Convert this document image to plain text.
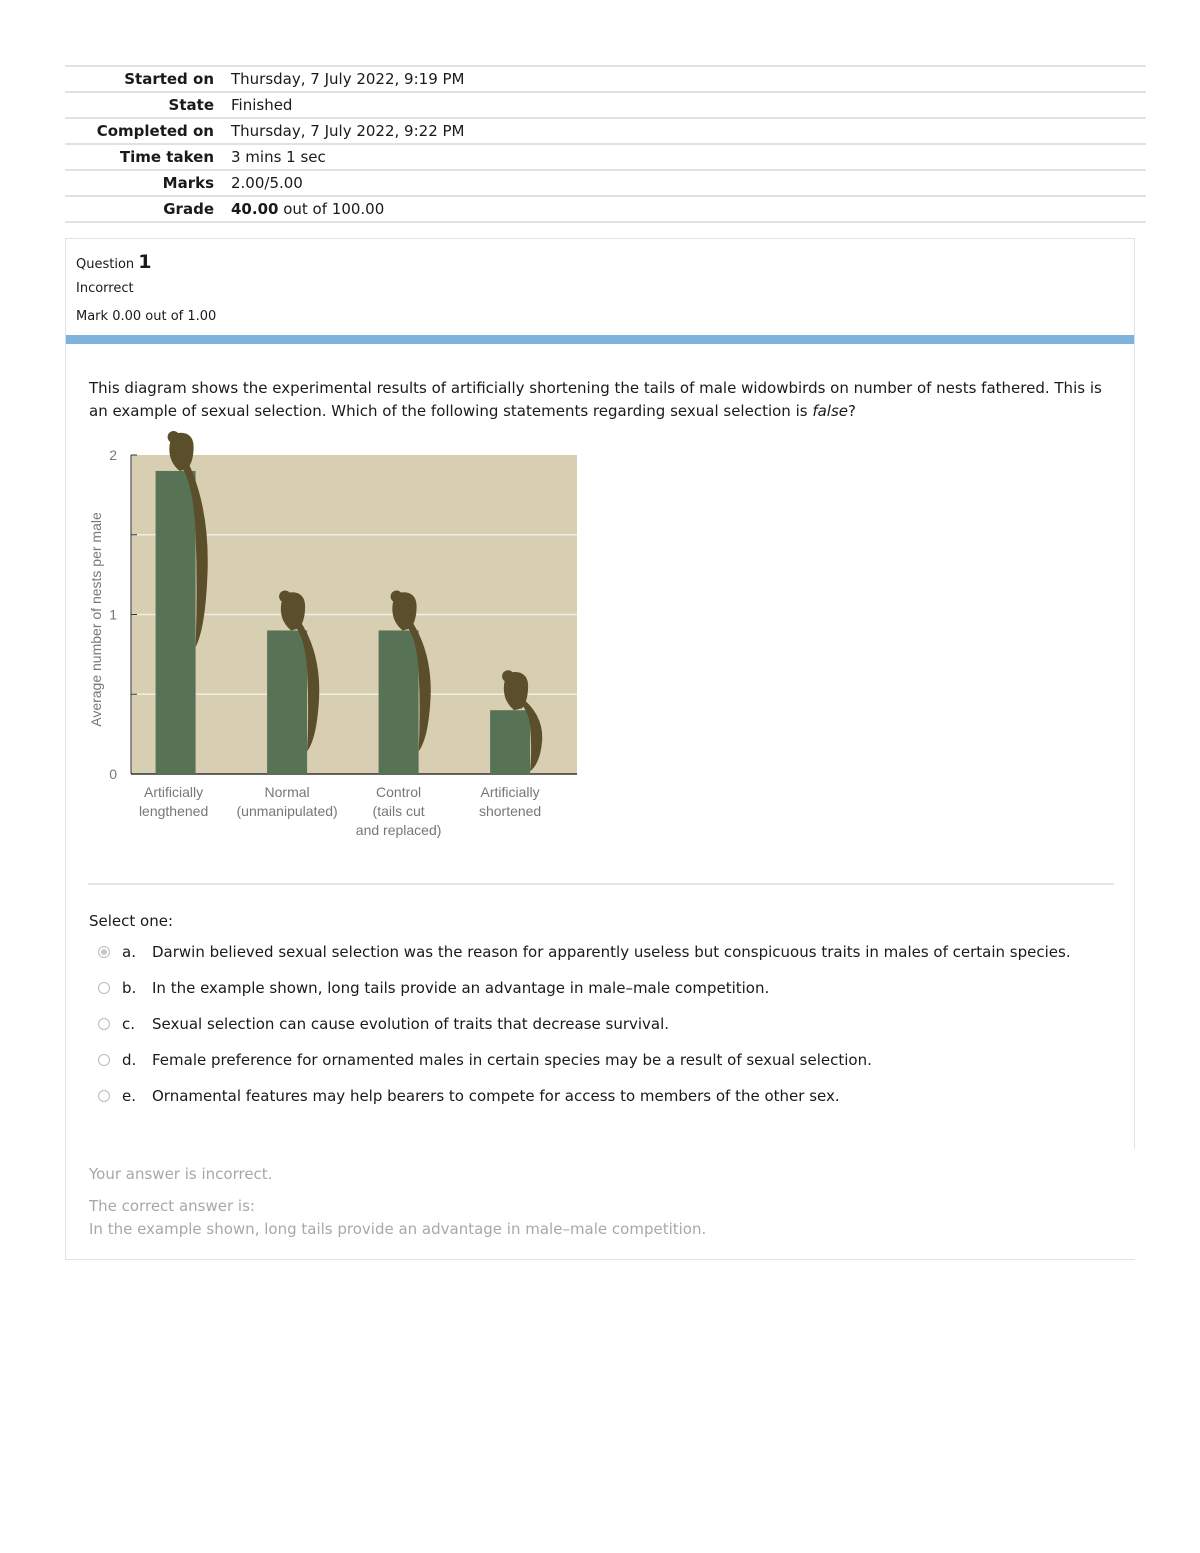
Started on	Thursday, 7 July 2022, 9:19 PM
State	Finished
Completed on	Thursday, 7 July 2022, 9:22 PM
Time taken	3 mins 1 sec
Marks	2.00/5.00
Grade	40.00 out of 100.00
Question 1
Incorrect
Mark 0.00 out of 1.00
This diagram shows the experimental results of artificially shortening the tails of male widowbirds on number of nests fathered. This is an example of sexual selection. Which of the following statements regarding sexual selection is false?
0
1
2
Average number of nests per male
Artificially
lengthened
Normal
(unmanipulated)
Control
(tails cut
and replaced)
Artificially
shortened
Select one:
a.	Darwin believed sexual selection was the reason for apparently useless but conspicuous traits in males of certain species.
b.	In the example shown, long tails provide an advantage in male–male competition.
c.	Sexual selection can cause evolution of traits that decrease survival.
d.	Female preference for ornamented males in certain species may be a result of sexual selection.
e.	Ornamental features may help bearers to compete for access to members of the other sex.
Your answer is incorrect.
The correct answer is:
In the example shown, long tails provide an advantage in male–male competition.
